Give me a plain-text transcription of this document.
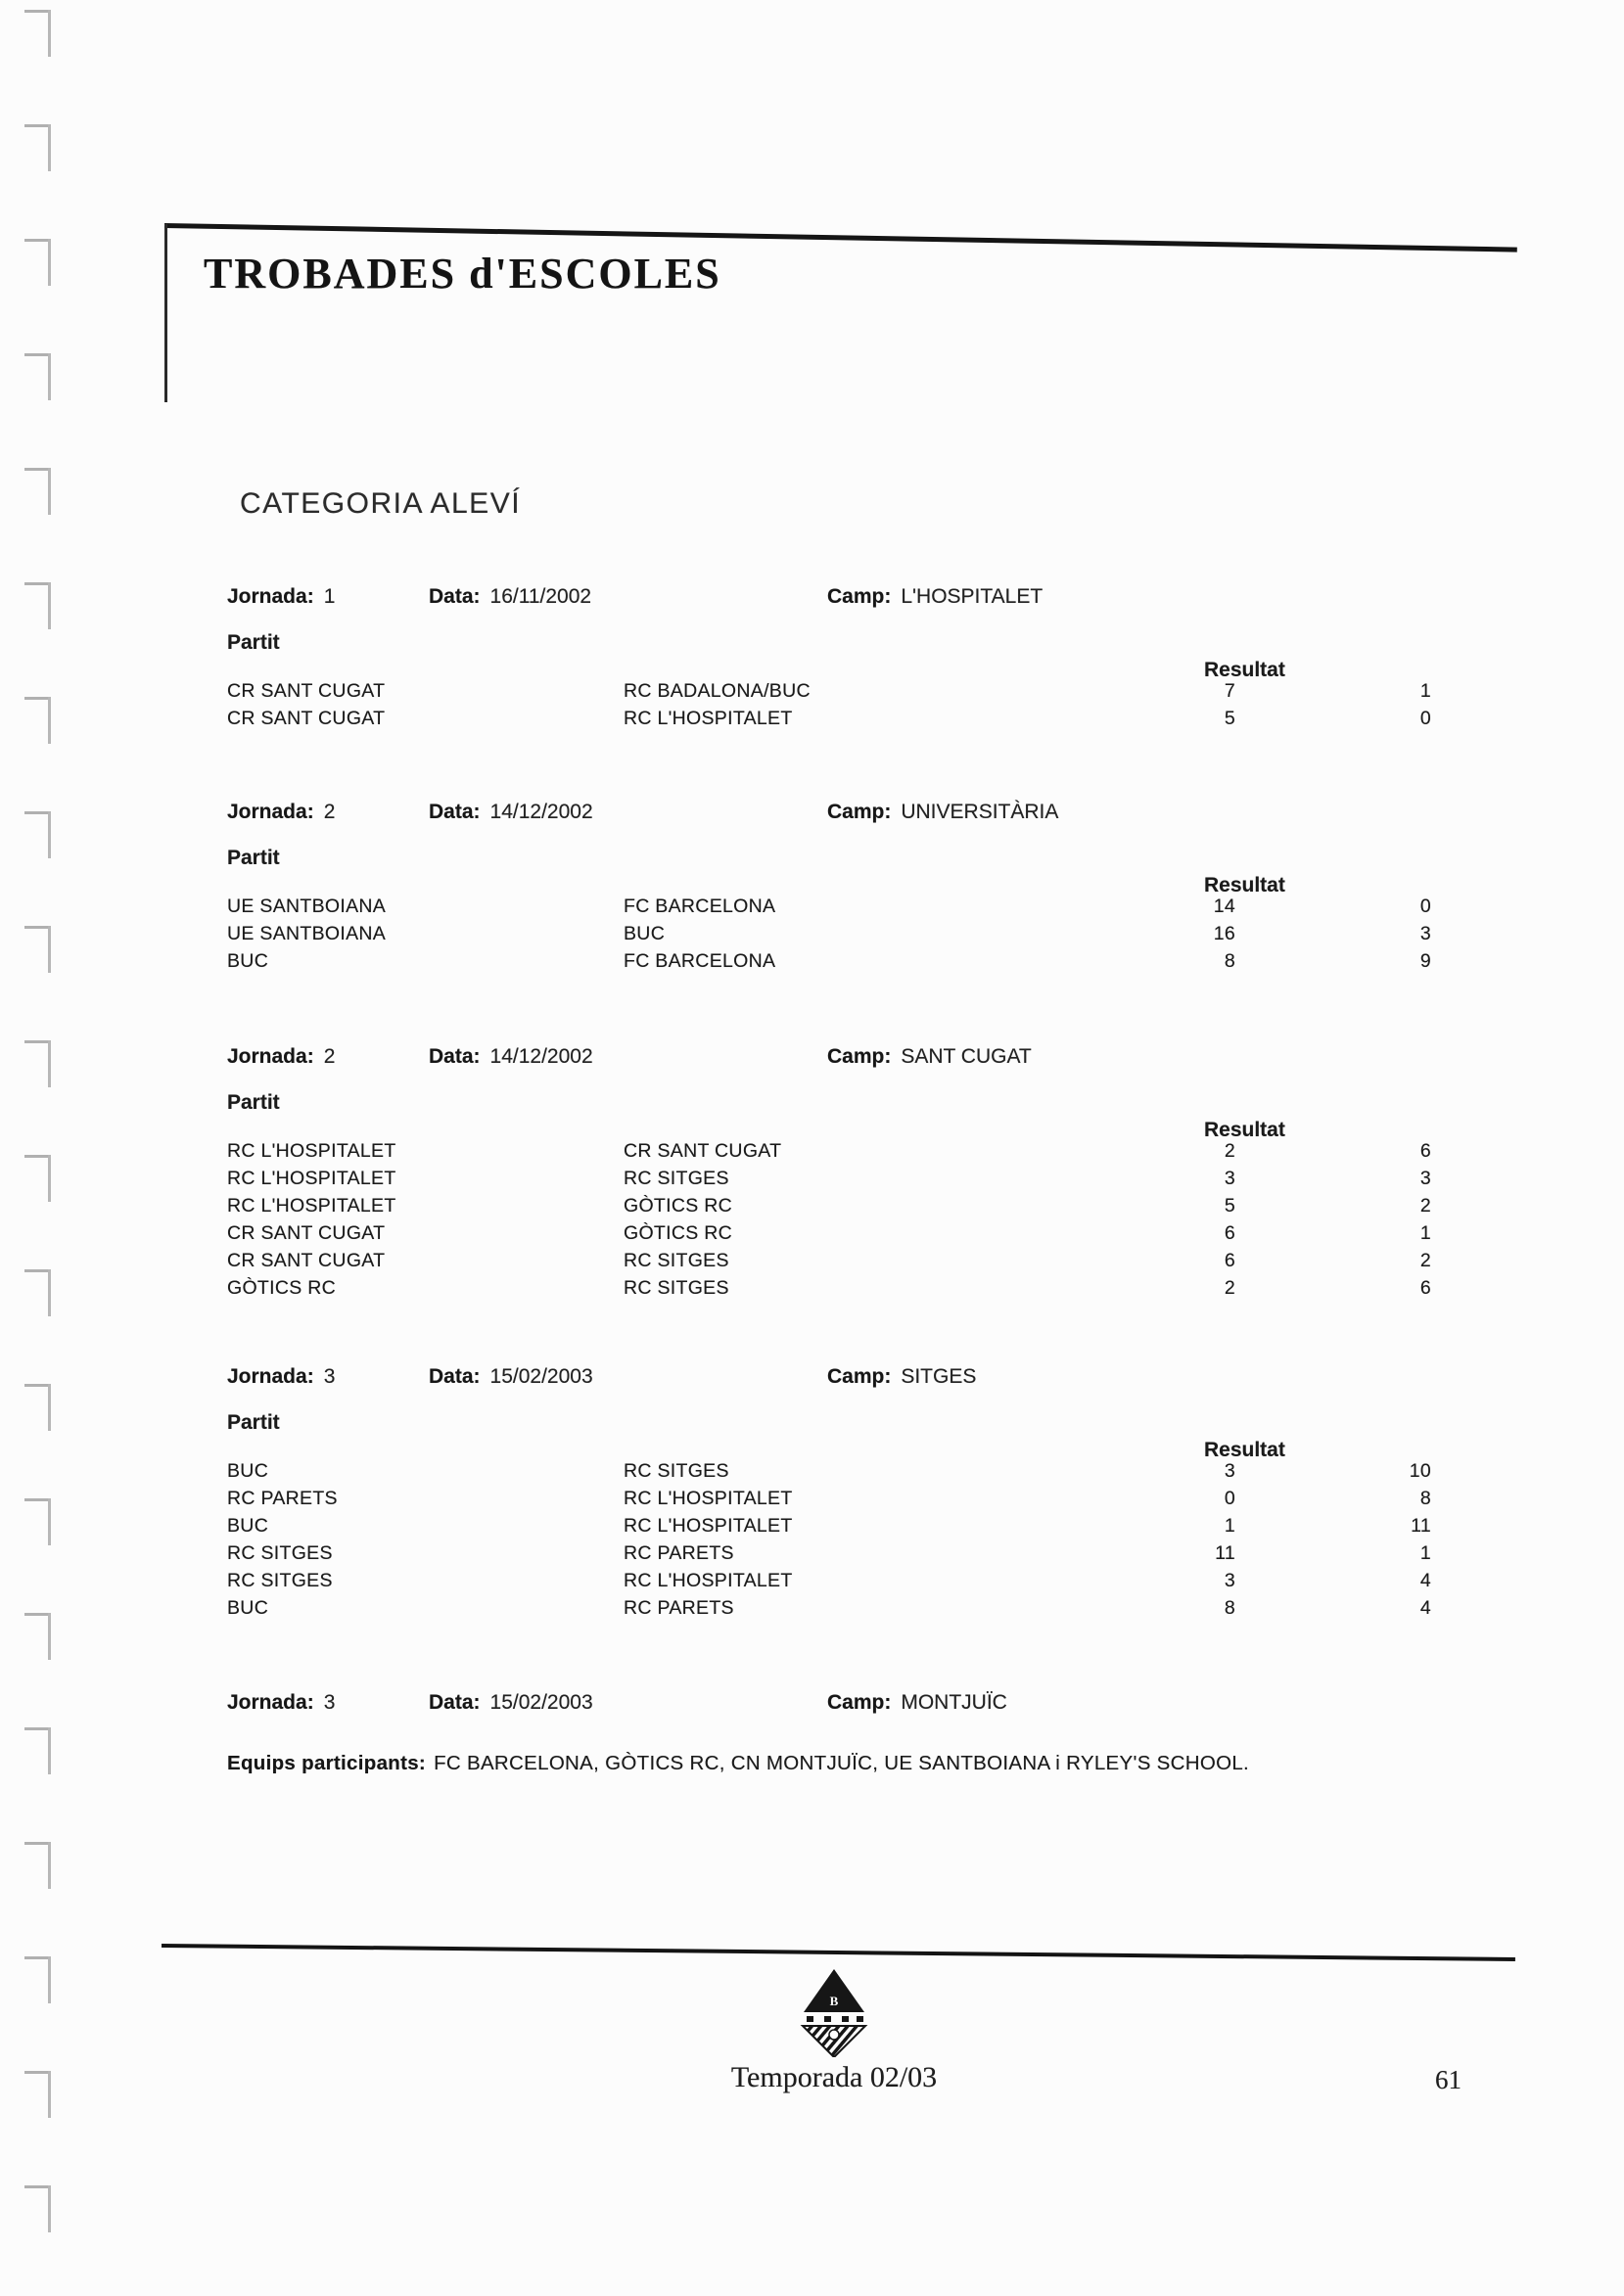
TROBADES d'ESCOLES
CATEGORIA ALEVÍ
Jornada: 1	Data: 16/11/2002	Camp: L'HOSPITALET
Partit
Resultat
CR SANT CUGAT	RC BADALONA/BUC	7	1
CR SANT CUGAT	RC L'HOSPITALET	5	0
Jornada: 2	Data: 14/12/2002	Camp: UNIVERSITÀRIA
Partit
Resultat
UE SANTBOIANA	FC BARCELONA	14	0
UE SANTBOIANA	BUC	16	3
BUC	FC BARCELONA	8	9
Jornada: 2	Data: 14/12/2002	Camp: SANT CUGAT
Partit
Resultat
RC L'HOSPITALET	CR SANT CUGAT	2	6
RC L'HOSPITALET	RC SITGES	3	3
RC L'HOSPITALET	GÒTICS RC	5	2
CR SANT CUGAT	GÒTICS RC	6	1
CR SANT CUGAT	RC SITGES	6	2
GÒTICS RC	RC SITGES	2	6
Jornada: 3	Data: 15/02/2003	Camp: SITGES
Partit
Resultat
BUC	RC SITGES	3	10
RC PARETS	RC L'HOSPITALET	0	8
BUC	RC L'HOSPITALET	1	11
RC SITGES	RC PARETS	11	1
RC SITGES	RC L'HOSPITALET	3	4
BUC	RC PARETS	8	4
Jornada: 3	Data: 15/02/2003	Camp: MONTJUÏC
Equips participants: FC BARCELONA, GÒTICS RC, CN MONTJUÏC, UE SANTBOIANA i RYLEY'S SCHOOL.
B
Temporada 02/03	61
